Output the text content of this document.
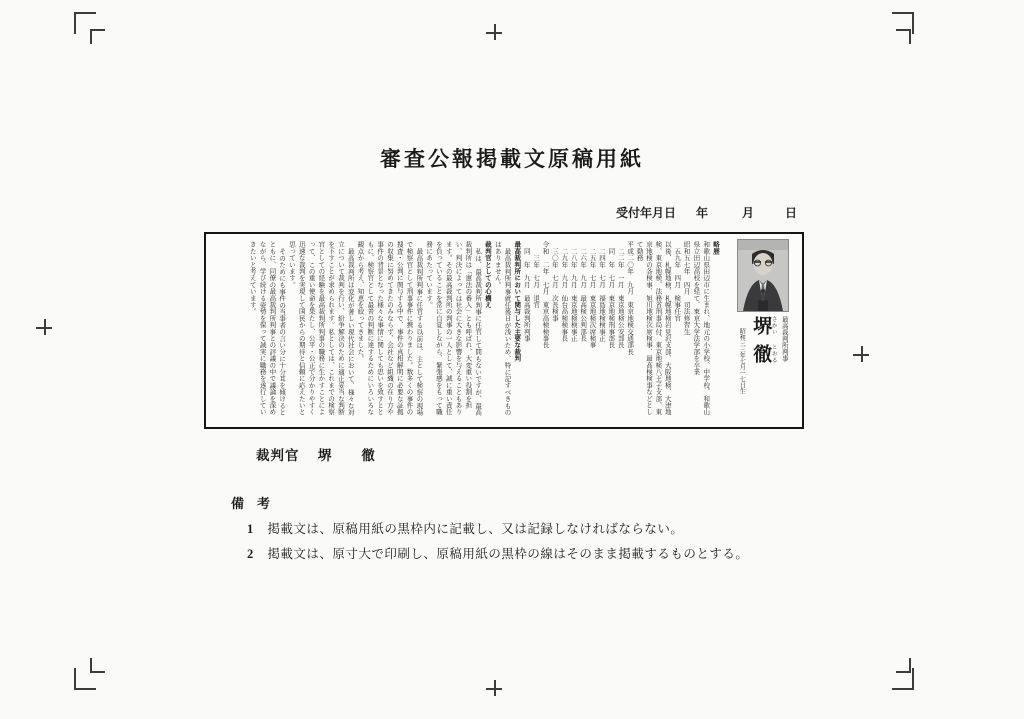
審査公報掲載文原稿用紙
受付年月日 年	月	日

略歴

和歌山県田辺市に生まれ、地元の小学校、中学校、和歌山県立田辺高校を経て、東京大学法学部を卒業

昭和五七年　四月　司法修習生

　五九年　四月　検事任官

以後、札幌地検、札幌地検岩見沢支部、大阪地検、大津地検、東京地検、法務省刑事局付、東京地検八王子支部、東京地検の各検事、旭川地検次席検事、最高検検事などとして勤務

平成二〇年　九月　東京地検交通部長

　二二年　一月　東京地検公安部長

　同　年　七月　東京地検刑事部長

　二四年　七月　福島地検検事正

　二五年　七月　東京地検次席検事

　二六年　九月　最高検公判部長

　二八年　九月　東京地検検事正

　二九年　九月　仙台高検検事長

　三〇年　七月　次長検事

令和　二年　七月　東京高検検事長

　　三年　七月　退官

　同　年　九月　最高裁判所判事

最高裁判所において関与した主要な裁判

最高裁判所判事就任後日が浅いため、特に記すべきものはありません。

裁判官としての心構え

私は、最高裁判所判事に任官して間もないですが、最高裁判所は「憲法の番人」とも呼ばれ、大変重い役割を担い、判決によっては社会に大きな影響を与えることもあります。その最高裁判所の判事の一人として、誠に重い責任を負っていることを常に自覚しながら、緊張感をもって職務にあたっています。

最高裁判所判事に任官する以前は、主として検察の現場で検察官として刑事事件に携わりました。数多くの事件の捜査・公判に関与する中で、事件の真相解明に必要な証拠の収集に努めてきたのみならず、会社など組織の在り方や事件の背景となった様々な事情に関しても思いを致すとともに、検察官として最善の判断に達するためにいろいろな観点から考え、知恵を絞ってきました。

最高裁判所は変化が著しい現代社会において、様々な対立について裁判を行い、紛争解決のために適正妥当な判断を下すことが求められます。私としては、これまでの検察官としての経験を最高裁判所判事の職務に生かすことによって、この重い使命を果たし、公平・公正で分かりやすく迅速な裁判を実現して国民からの期待と信頼に応えたいと思っています。

そのためにも事件の当事者の言い分に十分耳を傾けるとともに、同僚の最高裁判所判事との評議の中で議論を深めながら、学び続ける姿勢を保って誠実に職務を遂行していきたいと考えています。

昭和三三年七月一七日生
堺 さかい徹 とおる 最高裁判所判事
裁判官 堺　　徹
備　考
1 掲載文は、原稿用紙の黒枠内に記載し、又は記録しなければならない。
2 掲載文は、原寸大で印刷し、原稿用紙の黒枠の線はそのまま掲載するものとする。
